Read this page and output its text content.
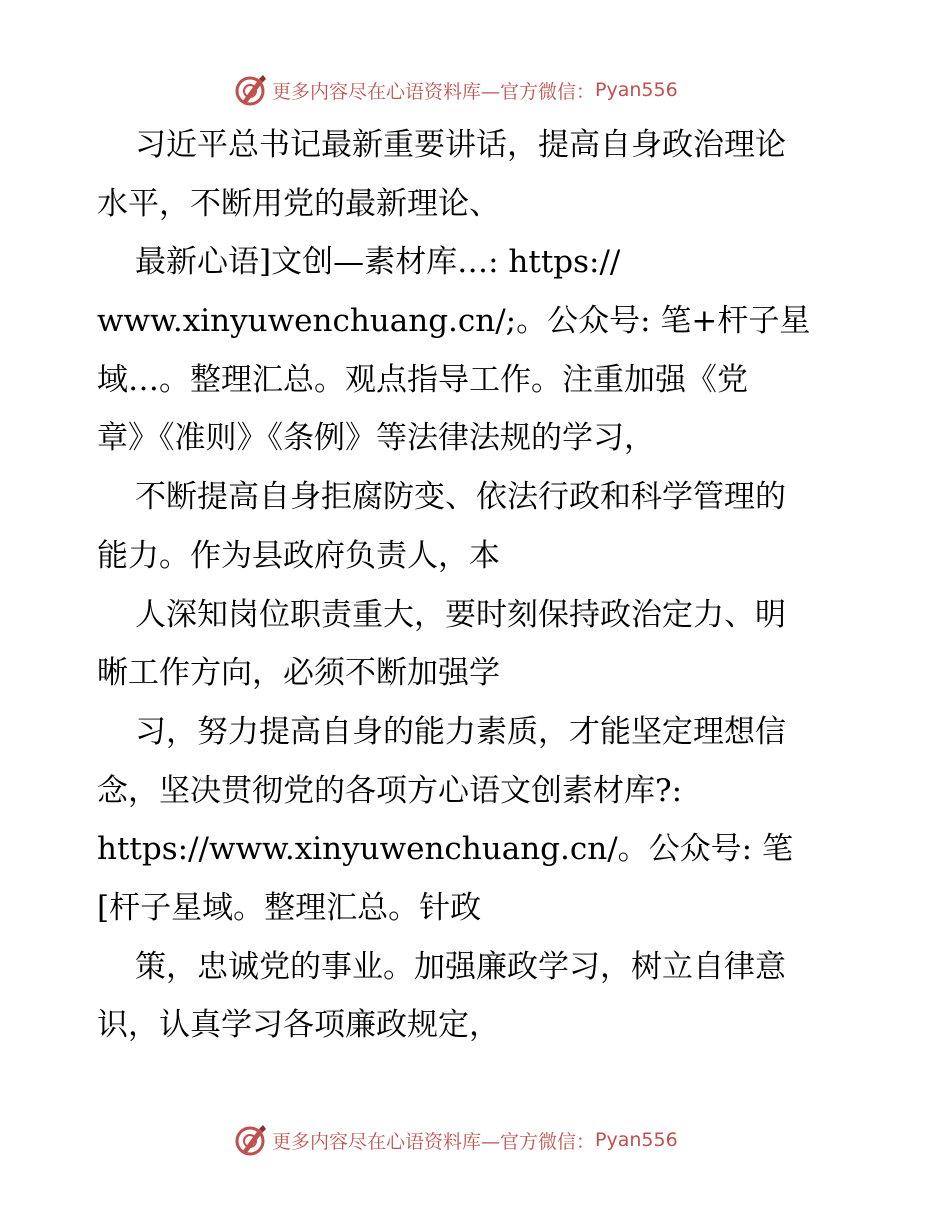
更多内容尽在心语资料库—官方微信： Pyan556
习近平总书记最新重要讲话，提高自身政治理论
水平，不断用党的最新理论、
最新心语]文创—素材库…: https://
www.xinyuwenchuang.cn/;。公众号: 笔+杆子星
域…。整理汇总。观点指导工作。注重加强《党
章》《准则》《条例》等法律法规的学习，
不断提高自身拒腐防变、依法行政和科学管理的
能力。作为县政府负责人，本
人深知岗位职责重大，要时刻保持政治定力、明
晰工作方向，必须不断加强学
习，努力提高自身的能力素质，才能坚定理想信
念，坚决贯彻党的各项方心语文创素材库?:
https://www.xinyuwenchuang.cn/。公众号: 笔
[杆子星域。整理汇总。针政
策，忠诚党的事业。加强廉政学习，树立自律意
识，认真学习各项廉政规定，
更多内容尽在心语资料库—官方微信： Pyan556
